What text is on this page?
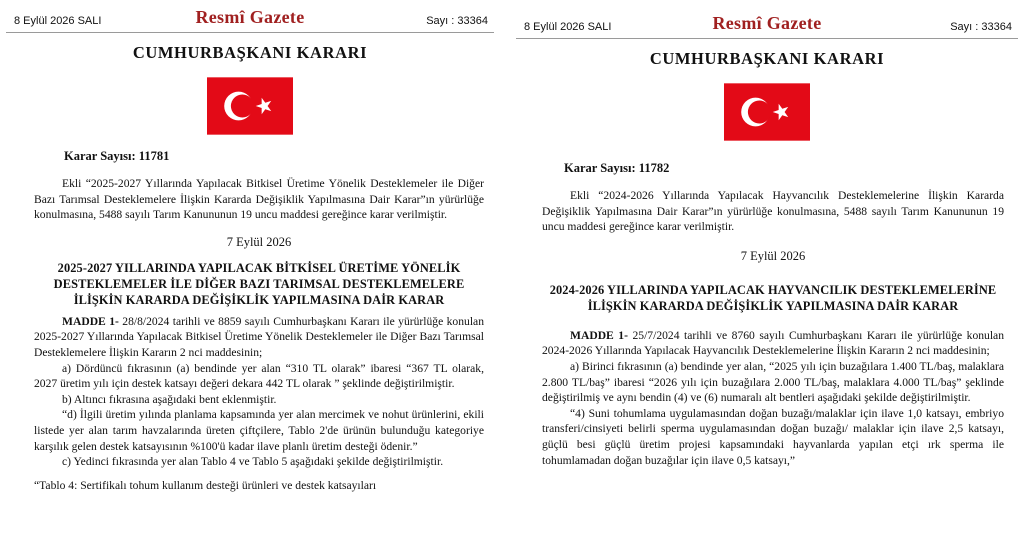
8 Eylül 2026 SALI	Resmî Gazete	Sayı : 33364
CUMHURBAŞKANI KARARI
Karar Sayısı: 11781
Ekli “2025-2027 Yıllarında Yapılacak Bitkisel Üretime Yönelik Desteklemeler ile Diğer Bazı Tarımsal Desteklemelere İlişkin Kararda Değişiklik Yapılmasına Dair Karar”ın yürürlüğe konulmasına, 5488 sayılı Tarım Kanununun 19 uncu maddesi gereğince karar verilmiştir.
7 Eylül 2026
2025-2027 YILLARINDA YAPILACAK BİTKİSEL ÜRETİME YÖNELİK DESTEKLEMELER İLE DİĞER BAZI TARIMSAL DESTEKLEMELERE İLİŞKİN KARARDA DEĞİŞİKLİK YAPILMASINA DAİR KARAR
MADDE 1- 28/8/2024 tarihli ve 8859 sayılı Cumhurbaşkanı Kararı ile yürürlüğe konulan 2025-2027 Yıllarında Yapılacak Bitkisel Üretime Yönelik Desteklemeler ile Diğer Bazı Tarımsal Desteklemelere İlişkin Kararın 2 nci maddesinin;
a) Dördüncü fıkrasının (a) bendinde yer alan “310 TL olarak” ibaresi “367 TL olarak, 2027 üretim yılı için destek katsayı değeri dekara 442 TL olarak ” şeklinde değiştirilmiştir.
b) Altıncı fıkrasına aşağıdaki bent eklenmiştir.
“d) İlgili üretim yılında planlama kapsamında yer alan mercimek ve nohut ürünlerini, ekili listede yer alan tarım havzalarında üreten çiftçilere, Tablo 2'de ürünün bulunduğu kategoriye karşılık gelen destek katsayısının %100'ü kadar ilave planlı üretim desteği ödenir.”
c) Yedinci fıkrasında yer alan Tablo 4 ve Tablo 5 aşağıdaki şekilde değiştirilmiştir.
“Tablo 4: Sertifikalı tohum kullanım desteği ürünleri ve destek katsayıları
8 Eylül 2026 SALI	Resmî Gazete	Sayı : 33364
CUMHURBAŞKANI KARARI
Karar Sayısı: 11782
Ekli “2024-2026 Yıllarında Yapılacak Hayvancılık Desteklemelerine İlişkin Kararda Değişiklik Yapılmasına Dair Karar”ın yürürlüğe konulmasına, 5488 sayılı Tarım Kanununun 19 uncu maddesi gereğince karar verilmiştir.
7 Eylül 2026
2024-2026 YILLARINDA YAPILACAK HAYVANCILIK DESTEKLEMELERİNE İLİŞKİN KARARDA DEĞİŞİKLİK YAPILMASINA DAİR KARAR
MADDE 1- 25/7/2024 tarihli ve 8760 sayılı Cumhurbaşkanı Kararı ile yürürlüğe konulan 2024-2026 Yıllarında Yapılacak Hayvancılık Desteklemelerine İlişkin Kararın 2 nci maddesinin;
a) Birinci fıkrasının (a) bendinde yer alan, “2025 yılı için buzağılara 1.400 TL/baş, malaklara 2.800 TL/baş” ibaresi “2026 yılı için buzağılara 2.000 TL/baş, malaklara 4.000 TL/baş” şeklinde değiştirilmiş ve aynı bendin (4) ve (6) numaralı alt bentleri aşağıdaki şekilde değiştirilmiştir.
“4) Suni tohumlama uygulamasından doğan buzağı/malaklar için ilave 1,0 katsayı, embriyo transferi/cinsiyeti belirli sperma uygulamasından doğan buzağı/ malaklar için ilave 2,5 katsayı, güçlü besi güçlü üretim projesi kapsamındaki hayvanlarda yapılan etçi ırk sperma ile tohumlamadan doğan buzağılar için ilave 0,5 katsayı,”
